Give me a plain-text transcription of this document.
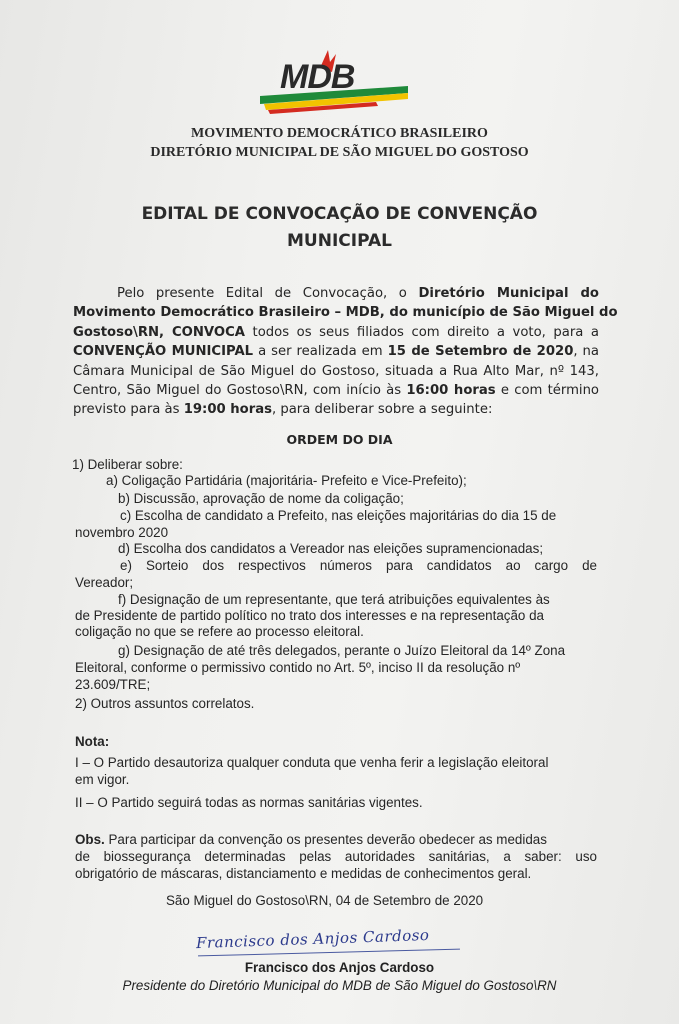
MDB
MOVIMENTO DEMOCRÁTICO BRASILEIRO
DIRETÓRIO MUNICIPAL DE SÃO MIGUEL DO GOSTOSO
EDITAL DE CONVOCAÇÃO DE CONVENÇÃO
MUNICIPAL
Pelo presente Edital de Convocação, o Diretório Municipal do
Movimento Democrático Brasileiro – MDB, do município de São Miguel do
Gostoso\RN, CONVOCA todos os seus filiados com direito a voto, para a
CONVENÇÃO MUNICIPAL a ser realizada em 15 de Setembro de 2020, na
Câmara Municipal de São Miguel do Gostoso, situada a Rua Alto Mar, nº 143,
Centro, São Miguel do Gostoso\RN, com início às 16:00 horas e com término
previsto para às 19:00 horas, para deliberar sobre a seguinte:
ORDEM DO DIA
1) Deliberar sobre:
a) Coligação Partidária (majoritária- Prefeito e Vice-Prefeito);
b) Discussão, aprovação de nome da coligação;
c) Escolha de candidato a Prefeito, nas eleições majoritárias do dia 15 de
novembro 2020
d) Escolha dos candidatos a Vereador nas eleições supramencionadas;
e) Sorteio dos respectivos números para candidatos ao cargo de
Vereador;
f) Designação de um representante, que terá atribuições equivalentes às
de Presidente de partido político no trato dos interesses e na representação da
coligação no que se refere ao processo eleitoral.
g) Designação de até três delegados, perante o Juízo Eleitoral da 14º Zona
Eleitoral, conforme o permissivo contido no Art. 5º, inciso II da resolução nº
23.609/TRE;
2) Outros assuntos correlatos.
Nota:
I – O Partido desautoriza qualquer conduta que venha ferir a legislação eleitoral
em vigor.
II – O Partido seguirá todas as normas sanitárias vigentes.
Obs. Para participar da convenção os presentes deverão obedecer as medidas
de biossegurança determinadas pelas autoridades sanitárias, a saber: uso
obrigatório de máscaras, distanciamento e medidas de conhecimentos geral.
São Miguel do Gostoso\RN, 04 de Setembro de 2020
Francisco dos Anjos Cardoso
Francisco dos Anjos Cardoso
Presidente do Diretório Municipal do MDB de São Miguel do Gostoso\RN
